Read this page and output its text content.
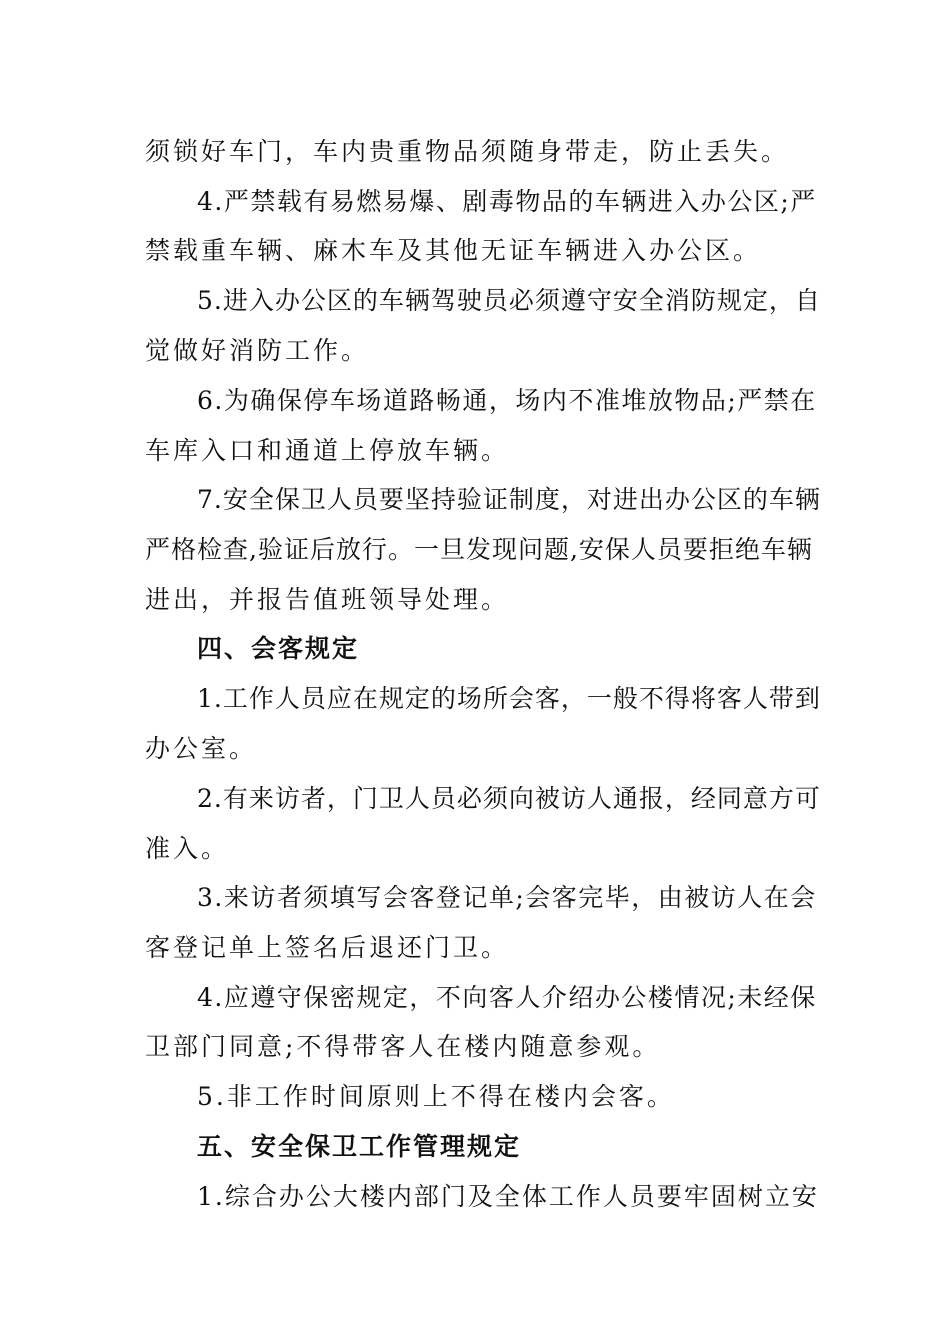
须锁好车门，车内贵重物品须随身带走，防止丢失。
4.严禁载有易燃易爆、剧毒物品的车辆进入办公区;严
禁载重车辆、麻木车及其他无证车辆进入办公区。
5.进入办公区的车辆驾驶员必须遵守安全消防规定，自
觉做好消防工作。
6.为确保停车场道路畅通，场内不准堆放物品;严禁在
车库入口和通道上停放车辆。
7.安全保卫人员要坚持验证制度，对进出办公区的车辆
严格检查,验证后放行。一旦发现问题,安保人员要拒绝车辆
进出，并报告值班领导处理。
四、会客规定
1.工作人员应在规定的场所会客，一般不得将客人带到
办公室。
2.有来访者，门卫人员必须向被访人通报，经同意方可
准入。
3.来访者须填写会客登记单;会客完毕，由被访人在会
客登记单上签名后退还门卫。
4.应遵守保密规定，不向客人介绍办公楼情况;未经保
卫部门同意;不得带客人在楼内随意参观。
5.非工作时间原则上不得在楼内会客。
五、安全保卫工作管理规定
1.综合办公大楼内部门及全体工作人员要牢固树立安
